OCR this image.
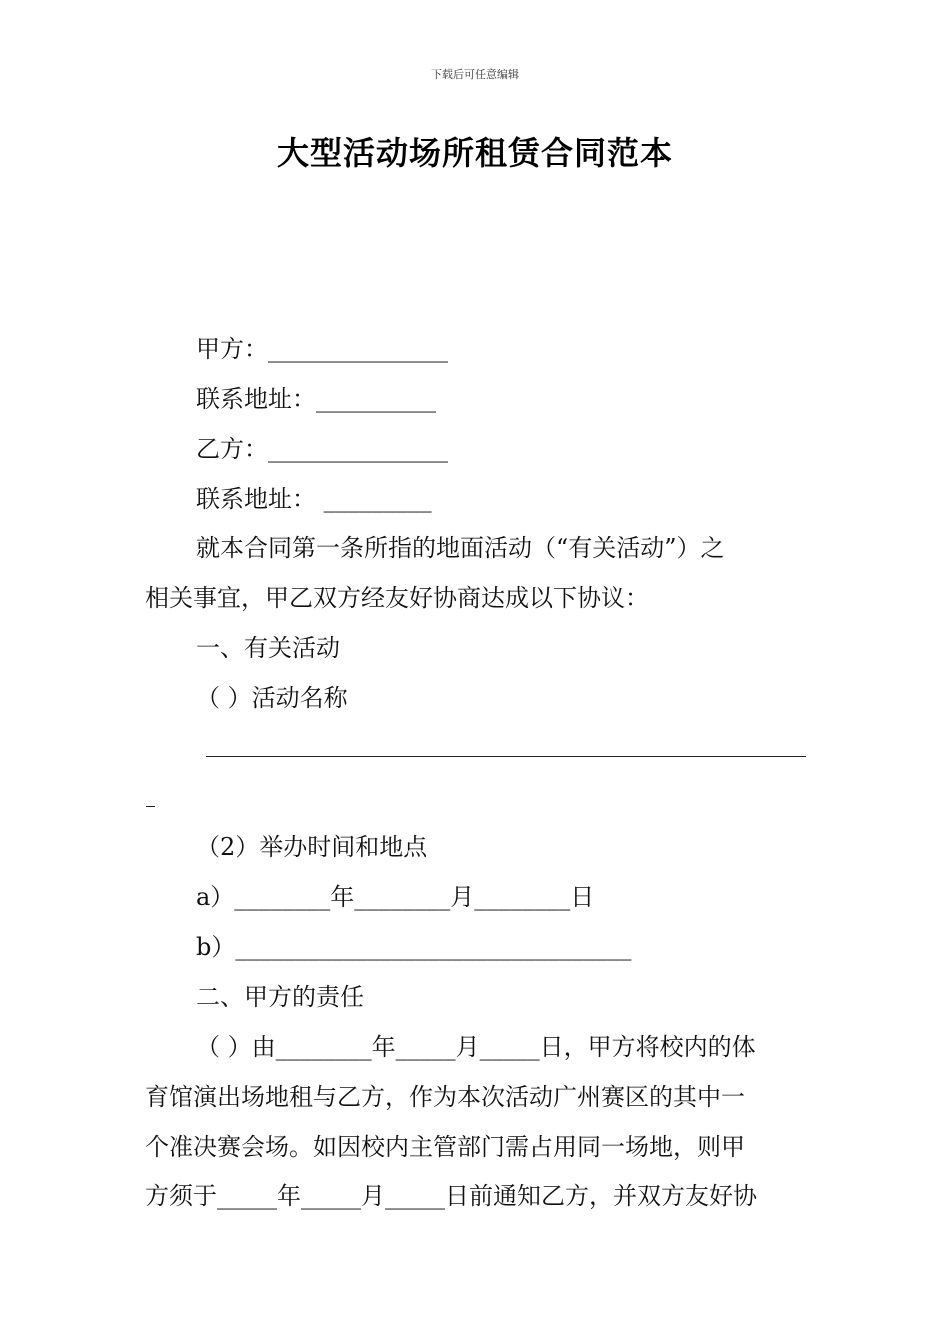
下载后可任意编辑
大型活动场所租赁合同范本
甲方：_______________
联系地址：__________
乙方：_______________
联系地址： _________
就本合同第一条所指的地面活动（“有关活动”）之
相关事宜，甲乙双方经友好协商达成以下协议：
一、有关活动
（ ）活动名称
（2）举办时间和地点
a）________年________月________日
b）_________________________________
二、甲方的责任
（ ）由________年_____月_____日，甲方将校内的体
育馆演出场地租与乙方，作为本次活动广州赛区的其中一
个准决赛会场。如因校内主管部门需占用同一场地，则甲
方须于_____年_____月_____日前通知乙方，并双方友好协
